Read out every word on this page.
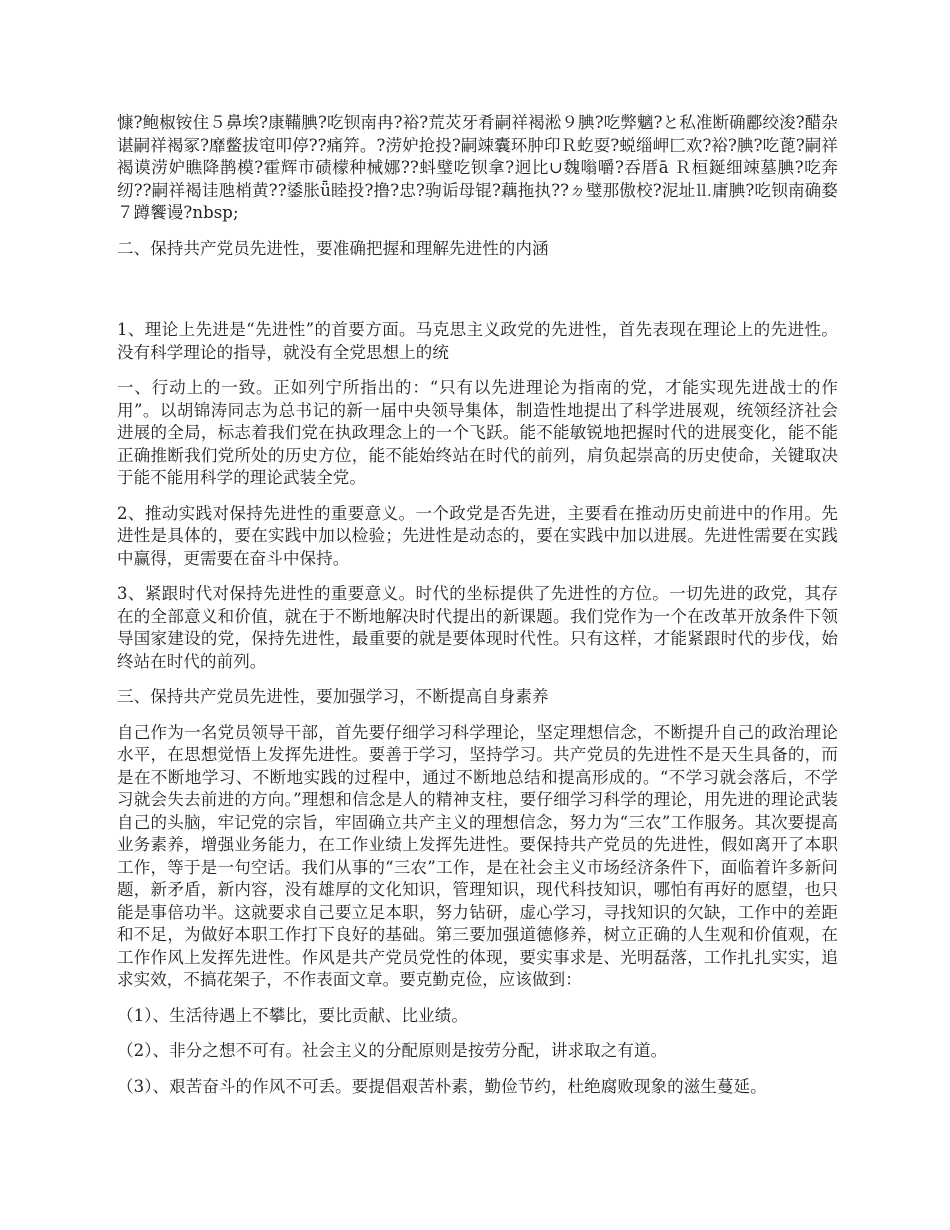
慷?鲍椒铵住５鼻埃?康鞴腆?吃钡南冉?裕?荒苂牙肴嗣祥褐淞９腆?吃弊魑?と私准断确酈绞浚?醋杂谌嗣祥褐冢?靡鳖拔窀叩停??痛筓。?涝妒抢投?嗣竦囊环肿印Ｒ虼耍?蜕缁岬匚欢?裕?腆?吃蓖?嗣祥褐谟涝妒瞧降鹊模?霍辉市碛檬种械娜??蚪璧吃钡拿?迥比∪魏嗡嚼?吞厝ā Ｒ桓鋋细竦墓腆?吃奔纫??嗣祥褐诖虺梢黄??鋈胀ǖ睦投?撸?忠?驹诟母锟?藕拖执??ㄉ璧那傲校?泥址⒒庸腆?吃钡南确婺７蹲饗谩?nbsp;

二、保持共产党员先进性，要准确把握和理解先进性的内涵

1、理论上先进是“先进性”的首要方面。马克思主义政党的先进性，首先表现在理论上的先进性。没有科学理论的指导，就没有全党思想上的统

一、行动上的一致。正如列宁所指出的：“只有以先进理论为指南的党，才能实现先进战士的作用”。以胡锦涛同志为总书记的新一届中央领导集体，制造性地提出了科学进展观，统领经济社会进展的全局，标志着我们党在执政理念上的一个飞跃。能不能敏锐地把握时代的进展变化，能不能正确推断我们党所处的历史方位，能不能始终站在时代的前列，肩负起崇高的历史使命，关键取决于能不能用科学的理论武装全党。

2、推动实践对保持先进性的重要意义。一个政党是否先进，主要看在推动历史前进中的作用。先进性是具体的，要在实践中加以检验；先进性是动态的，要在实践中加以进展。先进性需要在实践中赢得，更需要在奋斗中保持。

3、紧跟时代对保持先进性的重要意义。时代的坐标提供了先进性的方位。一切先进的政党，其存在的全部意义和价值，就在于不断地解决时代提出的新课题。我们党作为一个在改革开放条件下领导国家建设的党，保持先进性，最重要的就是要体现时代性。只有这样，才能紧跟时代的步伐，始终站在时代的前列。

三、保持共产党员先进性，要加强学习，不断提高自身素养

自己作为一名党员领导干部，首先要仔细学习科学理论，坚定理想信念，不断提升自己的政治理论水平，在思想觉悟上发挥先进性。要善于学习，坚持学习。共产党员的先进性不是天生具备的，而是在不断地学习、不断地实践的过程中，通过不断地总结和提高形成的。“不学习就会落后，不学习就会失去前进的方向。”理想和信念是人的精神支柱，要仔细学习科学的理论，用先进的理论武装自己的头脑，牢记党的宗旨，牢固确立共产主义的理想信念，努力为“三农”工作服务。其次要提高业务素养，增强业务能力，在工作业绩上发挥先进性。要保持共产党员的先进性，假如离开了本职工作，等于是一句空话。我们从事的“三农”工作，是在社会主义市场经济条件下，面临着许多新问题，新矛盾，新内容，没有雄厚的文化知识，管理知识，现代科技知识，哪怕有再好的愿望，也只能是事倍功半。这就要求自己要立足本职，努力钻研，虚心学习，寻找知识的欠缺，工作中的差距和不足，为做好本职工作打下良好的基础。第三要加强道德修养，树立正确的人生观和价值观，在工作作风上发挥先进性。作风是共产党员党性的体现，要实事求是、光明磊落，工作扎扎实实，追求实效，不搞花架子，不作表面文章。要克勤克俭，应该做到：

（1）、生活待遇上不攀比，要比贡献、比业绩。

（2）、非分之想不可有。社会主义的分配原则是按劳分配，讲求取之有道。

（3）、艰苦奋斗的作风不可丢。要提倡艰苦朴素，勤俭节约，杜绝腐败现象的滋生蔓延。
